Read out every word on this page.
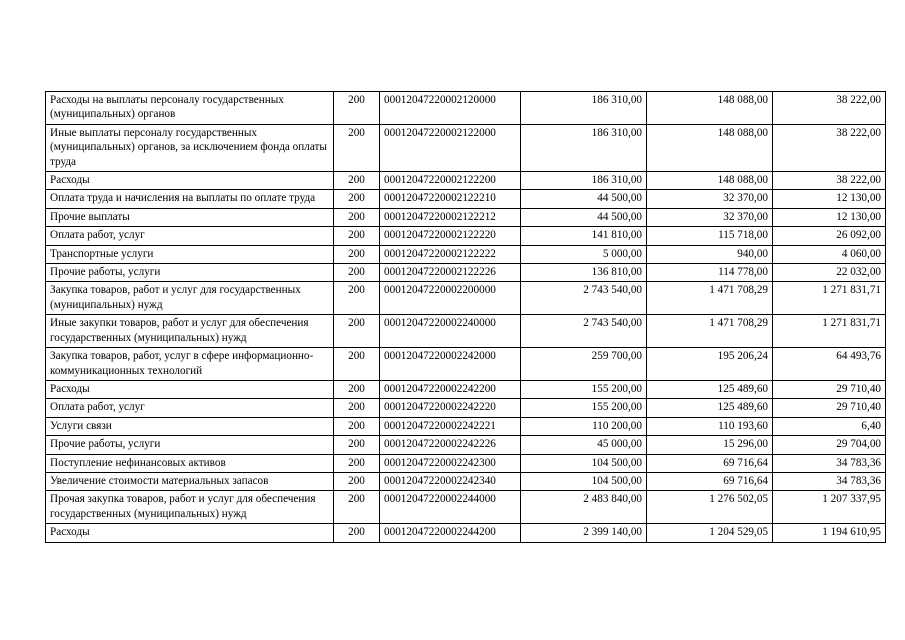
Расходы на выплаты персоналу государственных (муниципальных) органов	200	00012047220002120000	186 310,00	148 088,00	38 222,00
Иные выплаты персоналу государственных (муниципальных) органов, за исключением фонда оплаты труда	200	00012047220002122000	186 310,00	148 088,00	38 222,00
Расходы	200	00012047220002122200	186 310,00	148 088,00	38 222,00
Оплата труда и начисления на выплаты по оплате труда	200	00012047220002122210	44 500,00	32 370,00	12 130,00
Прочие выплаты	200	00012047220002122212	44 500,00	32 370,00	12 130,00
Оплата работ, услуг	200	00012047220002122220	141 810,00	115 718,00	26 092,00
Транспортные услуги	200	00012047220002122222	5 000,00	940,00	4 060,00
Прочие работы, услуги	200	00012047220002122226	136 810,00	114 778,00	22 032,00
Закупка товаров, работ и услуг для государственных (муниципальных) нужд	200	00012047220002200000	2 743 540,00	1 471 708,29	1 271 831,71
Иные закупки товаров, работ и услуг для обеспечения государственных (муниципальных) нужд	200	00012047220002240000	2 743 540,00	1 471 708,29	1 271 831,71
Закупка товаров, работ, услуг в сфере информационно-коммуникационных технологий	200	00012047220002242000	259 700,00	195 206,24	64 493,76
Расходы	200	00012047220002242200	155 200,00	125 489,60	29 710,40
Оплата работ, услуг	200	00012047220002242220	155 200,00	125 489,60	29 710,40
Услуги связи	200	00012047220002242221	110 200,00	110 193,60	6,40
Прочие работы, услуги	200	00012047220002242226	45 000,00	15 296,00	29 704,00
Поступление нефинансовых активов	200	00012047220002242300	104 500,00	69 716,64	34 783,36
Увеличение стоимости материальных запасов	200	00012047220002242340	104 500,00	69 716,64	34 783,36
Прочая закупка товаров, работ и услуг для обеспечения государственных (муниципальных) нужд	200	00012047220002244000	2 483 840,00	1 276 502,05	1 207 337,95
Расходы	200	00012047220002244200	2 399 140,00	1 204 529,05	1 194 610,95
